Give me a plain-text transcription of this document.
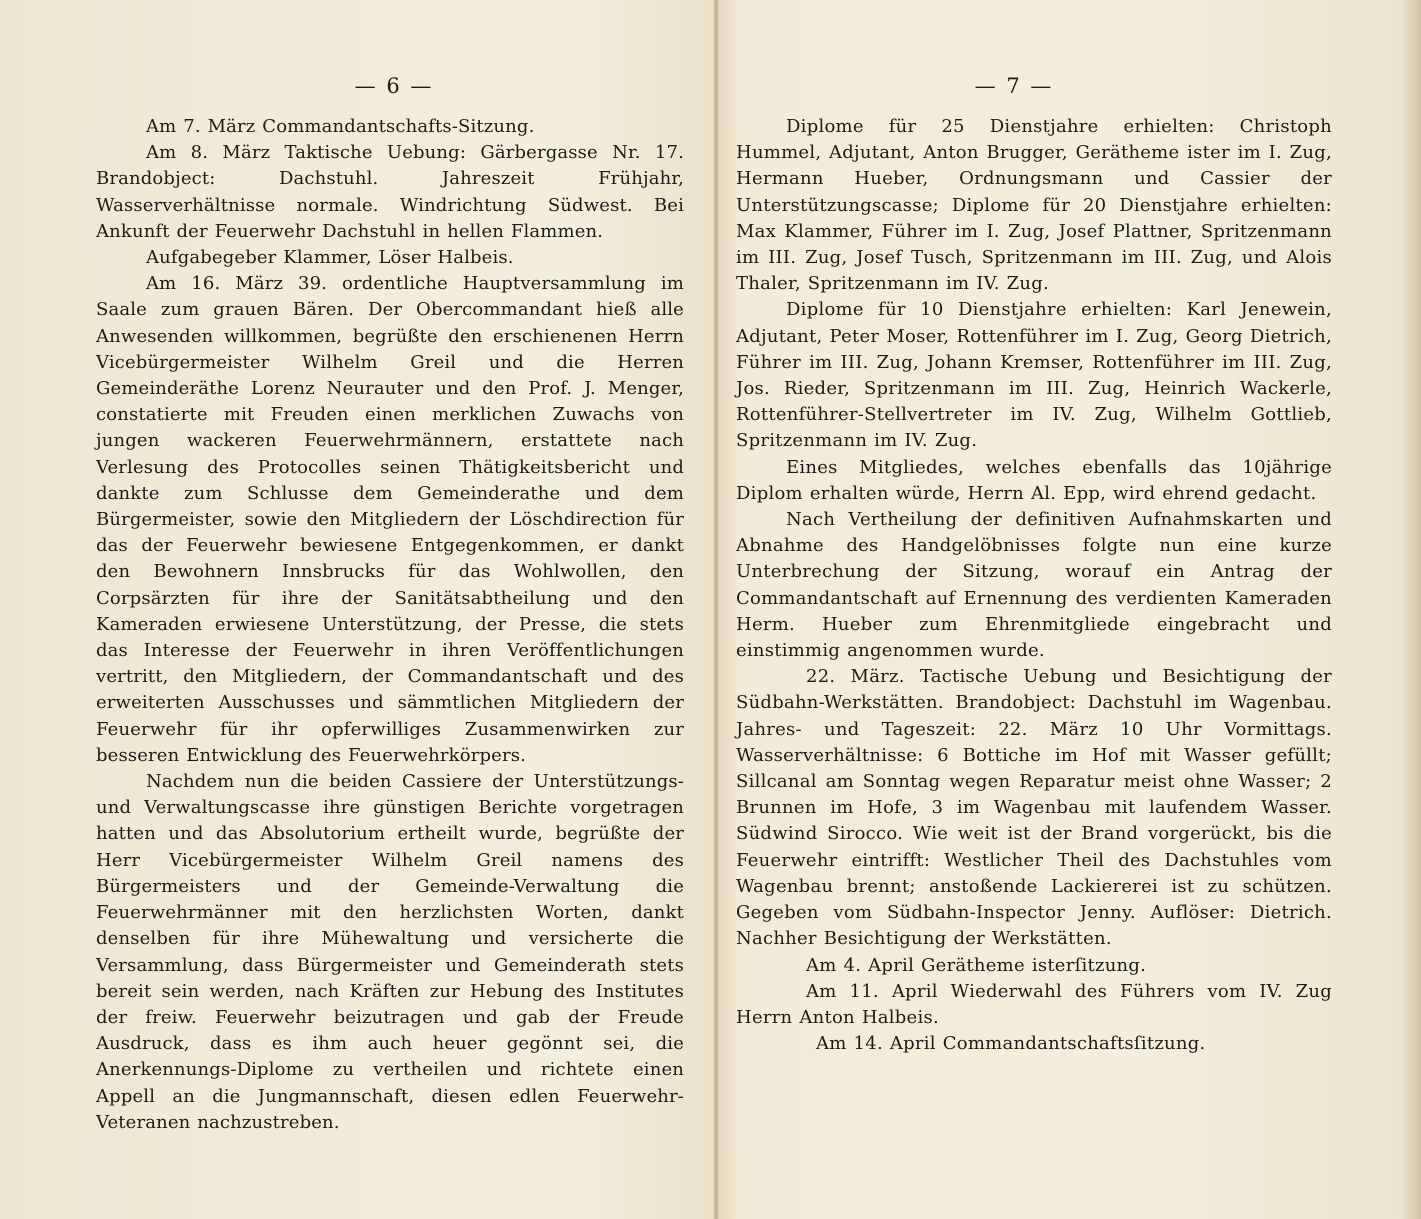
— 6 —

Am 7. März Commandantschafts-Sitzung.

Am 8. März Taktische Uebung: Gärbergasse Nr. 17. Brandobject: Dachstuhl. Jahreszeit Frühjahr, Wasserverhältnisse normale. Windrichtung Südwest. Bei Ankunft der Feuerwehr Dachstuhl in hellen Flammen.

Aufgabegeber Klammer, Löser Halbeis.

Am 16. März 39. ordentliche Hauptversammlung im Saale zum grauen Bären. Der Obercommandant hieß alle Anwesenden willkommen, begrüßte den erschienenen Herrn Vicebürgermeister Wilhelm Greil und die Herren Gemeinderäthe Lorenz Neurauter und den Prof. J. Menger, constatierte mit Freuden einen merklichen Zuwachs von jungen wackeren Feuerwehrmännern, erstattete nach Verlesung des Protocolles seinen Thätigkeitsbericht und dankte zum Schlusse dem Gemeinderathe und dem Bürgermeister, sowie den Mitgliedern der Löschdirection für das der Feuerwehr bewiesene Entgegenkommen, er dankt den Bewohnern Innsbrucks für das Wohlwollen, den Corpsärzten für ihre der Sanitätsabtheilung und den Kameraden erwiesene Unterstützung, der Presse, die stets das Interesse der Feuerwehr in ihren Veröffentlichungen vertritt, den Mitgliedern, der Commandantschaft und des erweiterten Ausschusses und sämmtlichen Mitgliedern der Feuerwehr für ihr opferwilliges Zusammenwirken zur besseren Entwicklung des Feuerwehrkörpers.

Nachdem nun die beiden Cassiere der Unterstützungs- und Verwaltungscasse ihre günstigen Berichte vorgetragen hatten und das Absolutorium ertheilt wurde, begrüßte der Herr Vicebürgermeister Wilhelm Greil namens des Bürgermeisters und der Gemeinde-Verwaltung die Feuerwehrmänner mit den herzlichsten Worten, dankt denselben für ihre Mühewaltung und versicherte die Versammlung, dass Bürgermeister und Gemeinderath stets bereit sein werden, nach Kräften zur Hebung des Institutes der freiw. Feuerwehr beizutragen und gab der Freude Ausdruck, dass es ihm auch heuer gegönnt sei, die Anerkennungs-Diplome zu vertheilen und richtete einen Appell an die Jungmannschaft, diesen edlen Feuerwehr-Veteranen nachzustreben.

— 7 —

Diplome für 25 Dienstjahre erhielten: Christoph Hummel, Adjutant, Anton Brugger, Gerätheme ister im I. Zug, Hermann Hueber, Ordnungsmann und Cassier der Unterstützungscasse; Diplome für 20 Dienstjahre erhielten: Max Klammer, Führer im I. Zug, Josef Plattner, Spritzenmann im III. Zug, Josef Tusch, Spritzenmann im III. Zug, und Alois Thaler, Spritzenmann im IV. Zug.

Diplome für 10 Dienstjahre erhielten: Karl Jenewein, Adjutant, Peter Moser, Rottenführer im I. Zug, Georg Dietrich, Führer im III. Zug, Johann Kremser, Rottenführer im III. Zug, Jos. Rieder, Spritzenmann im III. Zug, Heinrich Wackerle, Rottenführer-Stellvertreter im IV. Zug, Wilhelm Gottlieb, Spritzenmann im IV. Zug.

Eines Mitgliedes, welches ebenfalls das 10jährige Diplom erhalten würde, Herrn Al. Epp, wird ehrend gedacht.

Nach Vertheilung der definitiven Aufnahmskarten und Abnahme des Handgelöbnisses folgte nun eine kurze Unterbrechung der Sitzung, worauf ein Antrag der Commandantschaft auf Ernennung des verdienten Kameraden Herm. Hueber zum Ehrenmitgliede eingebracht und einstimmig angenommen wurde.

22. März. Tactische Uebung und Besichtigung der Südbahn-Werkstätten. Brandobject: Dachstuhl im Wagenbau. Jahres- und Tageszeit: 22. März 10 Uhr Vormittags. Wasserverhältnisse: 6 Bottiche im Hof mit Wasser gefüllt; Sillcanal am Sonntag wegen Reparatur meist ohne Wasser; 2 Brunnen im Hofe, 3 im Wagenbau mit laufendem Wasser. Südwind Sirocco. Wie weit ist der Brand vorgerückt, bis die Feuerwehr eintrifft: Westlicher Theil des Dachstuhles vom Wagenbau brennt; anstoßende Lackiererei ist zu schützen. Gegeben vom Südbahn-Inspector Jenny. Auflöser: Dietrich. Nachher Besichtigung der Werkstätten.

Am 4. April Gerätheme isterſitzung.

Am 11. April Wiederwahl des Führers vom IV. Zug Herrn Anton Halbeis.

Am 14. April Commandantschaftsſitzung.
